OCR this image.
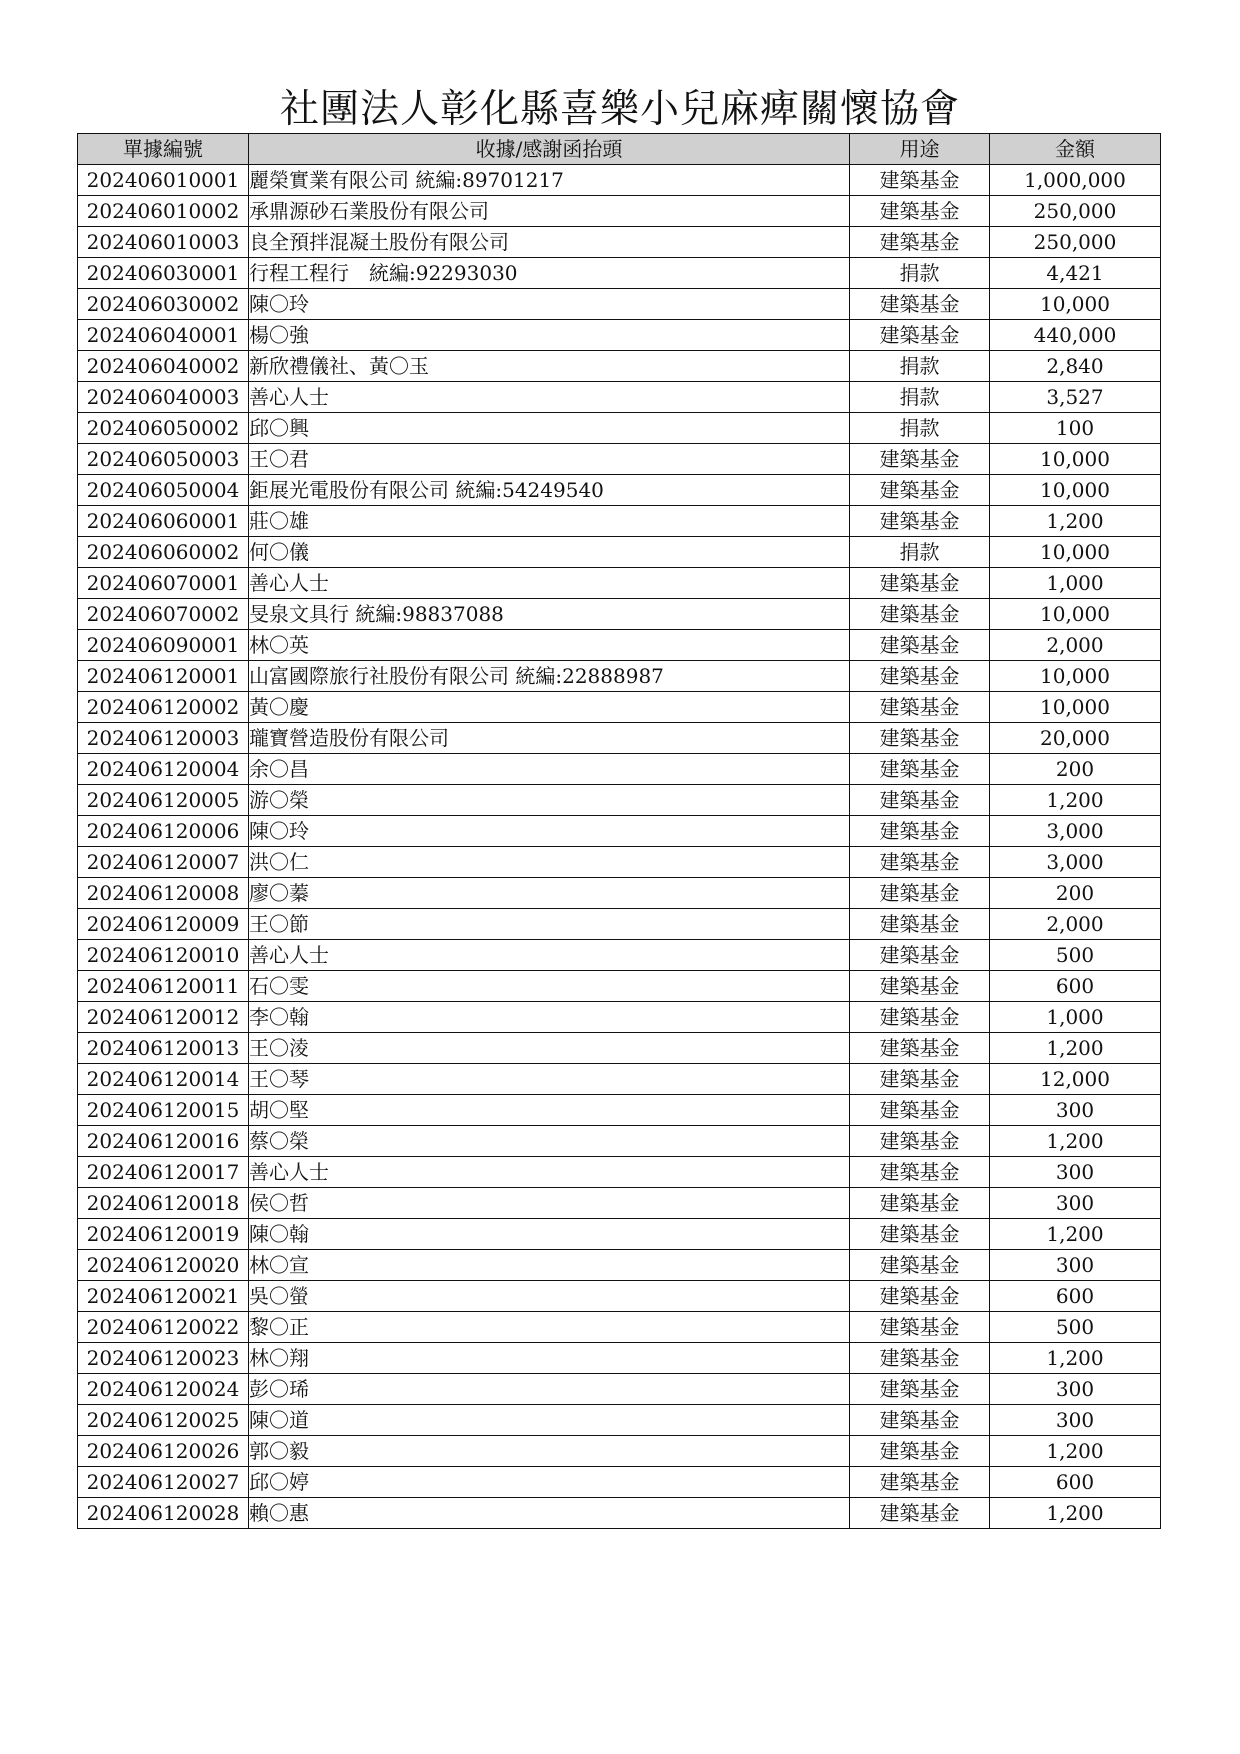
社團法人彰化縣喜樂小兒麻痺關懷協會
單據編號	收據/感謝函抬頭	用途	金額
202406010001	麗榮實業有限公司 統編:89701217	建築基金	1,000,000
202406010002	承鼎源砂石業股份有限公司	建築基金	250,000
202406010003	良全預拌混凝土股份有限公司	建築基金	250,000
202406030001	行程工程行　統編:92293030	捐款	4,421
202406030002	陳〇玲	建築基金	10,000
202406040001	楊〇強	建築基金	440,000
202406040002	新欣禮儀社、黃〇玉	捐款	2,840
202406040003	善心人士	捐款	3,527
202406050002	邱〇興	捐款	100
202406050003	王〇君	建築基金	10,000
202406050004	鉅展光電股份有限公司 統編:54249540	建築基金	10,000
202406060001	莊〇雄	建築基金	1,200
202406060002	何〇儀	捐款	10,000
202406070001	善心人士	建築基金	1,000
202406070002	旻泉文具行 統編:98837088	建築基金	10,000
202406090001	林〇英	建築基金	2,000
202406120001	山富國際旅行社股份有限公司 統編:22888987	建築基金	10,000
202406120002	黃〇慶	建築基金	10,000
202406120003	瓏寶營造股份有限公司	建築基金	20,000
202406120004	余〇昌	建築基金	200
202406120005	游〇榮	建築基金	1,200
202406120006	陳〇玲	建築基金	3,000
202406120007	洪〇仁	建築基金	3,000
202406120008	廖〇蓁	建築基金	200
202406120009	王〇節	建築基金	2,000
202406120010	善心人士	建築基金	500
202406120011	石〇雯	建築基金	600
202406120012	李〇翰	建築基金	1,000
202406120013	王〇淩	建築基金	1,200
202406120014	王〇琴	建築基金	12,000
202406120015	胡〇堅	建築基金	300
202406120016	蔡〇榮	建築基金	1,200
202406120017	善心人士	建築基金	300
202406120018	侯〇哲	建築基金	300
202406120019	陳〇翰	建築基金	1,200
202406120020	林〇宣	建築基金	300
202406120021	吳〇螢	建築基金	600
202406120022	黎〇正	建築基金	500
202406120023	林〇翔	建築基金	1,200
202406120024	彭〇琋	建築基金	300
202406120025	陳〇道	建築基金	300
202406120026	郭〇毅	建築基金	1,200
202406120027	邱〇婷	建築基金	600
202406120028	賴〇惠	建築基金	1,200
